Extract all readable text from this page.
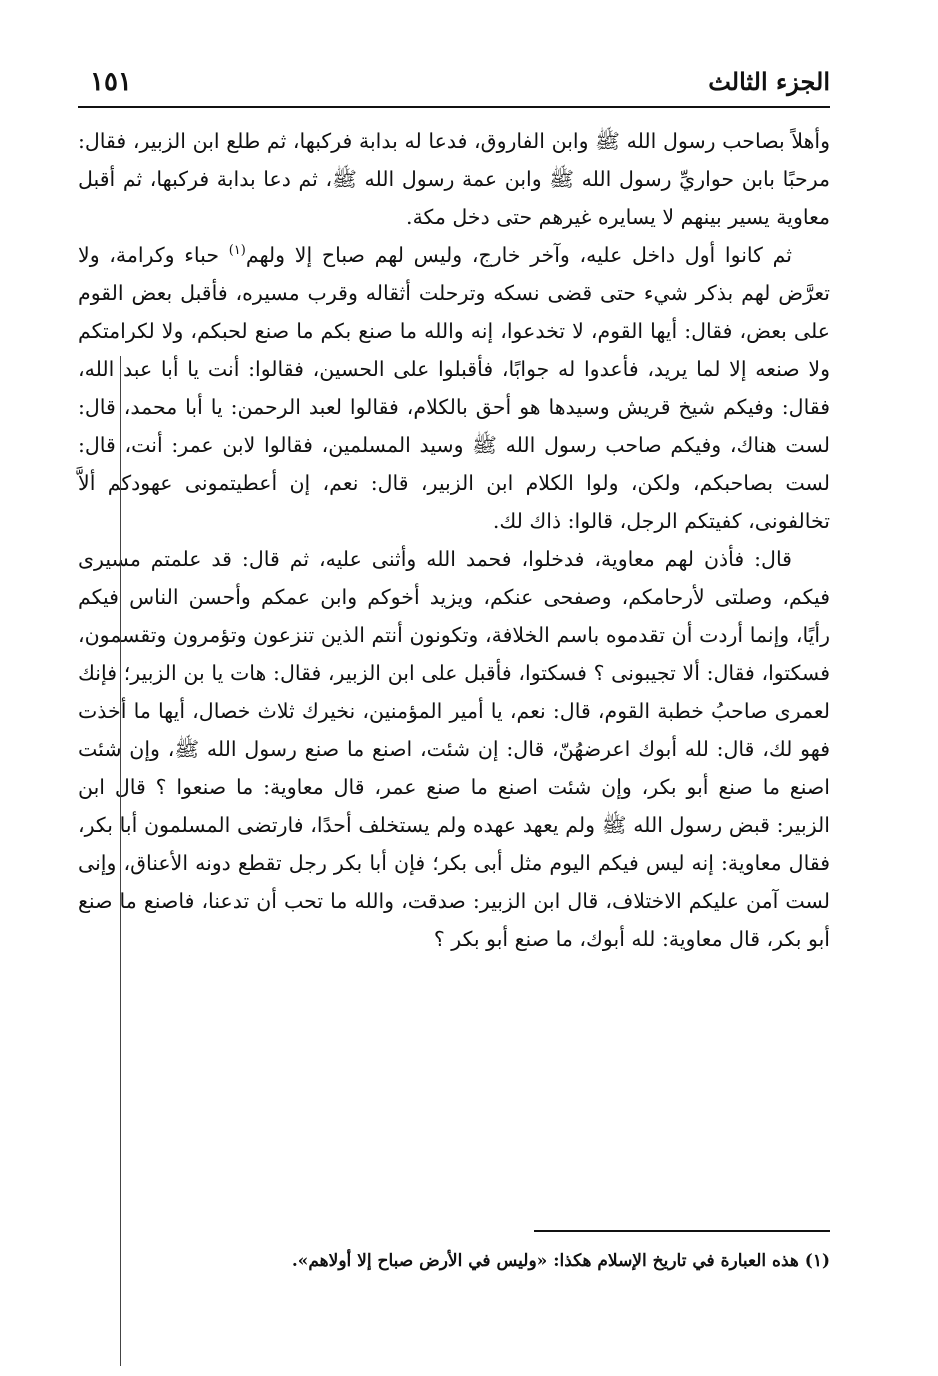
الجزء الثالث
١٥١

وأهلاً بصاحب رسول الله ﷺ وابن الفاروق، فدعا له بدابة فركبها، ثم طلع ابن الزبير، فقال: مرحبًا بابن حواريِّ رسول الله ﷺ وابن عمة رسول الله ﷺ، ثم دعا بدابة فركبها، ثم أقبل معاوية يسير بينهم لا يسايره غيرهم حتى دخل مكة.

ثم كانوا أول داخل عليه، وآخر خارج، وليس لهم صباح إلا ولهم$^{(١)}$ حباء وكرامة، ولا تعرَّض لهم بذكر شيء حتى قضى نسكه وترحلت أثقاله وقرب مسيره، فأقبل بعض القوم على بعض، فقال: أيها القوم، لا تخدعوا، إنه والله ما صنع بكم ما صنع لحبكم، ولا لكرامتكم ولا صنعه إلا لما يريد، فأعدوا له جوابًا، فأقبلوا على الحسين، فقالوا: أنت يا أبا عبد الله، فقال: وفيكم شيخ قريش وسيدها هو أحق بالكلام، فقالوا لعبد الرحمن: يا أبا محمد، قال: لست هناك، وفيكم صاحب رسول الله ﷺ وسيد المسلمين، فقالوا لابن عمر: أنت، قال: لست بصاحبكم، ولكن، ولوا الكلام ابن الزبير، قال: نعم، إن أعطيتمونى عهودكم ألاَّ تخالفونى، كفيتكم الرجل، قالوا: ذاك لك.

قال: فأذن لهم معاوية، فدخلوا، فحمد الله وأثنى عليه، ثم قال: قد علمتم مسيرى فيكم، وصلتى لأرحامكم، وصفحى عنكم، ويزيد أخوكم وابن عمكم وأحسن الناس فيكم رأيًا، وإنما أردت أن تقدموه باسم الخلافة، وتكونون أنتم الذين تنزعون وتؤمرون وتقسمون، فسكتوا، فقال: ألا تجيبونى ؟ فسكتوا، فأقبل على ابن الزبير، فقال: هات يا بن الزبير؛ فإنك لعمرى صاحبُ خطبة القوم، قال: نعم، يا أمير المؤمنين، نخيرك ثلاث خصال، أيها ما أخذت فهو لك، قال: لله أبوك اعرضهُنّ، قال: إن شئت، اصنع ما صنع رسول الله ﷺ، وإن شئت اصنع ما صنع أبو بكر، وإن شئت اصنع ما صنع عمر، قال معاوية: ما صنعوا ؟ قال ابن الزبير: قبض رسول الله ﷺ ولم يعهد عهده ولم يستخلف أحدًا، فارتضى المسلمون أبا بكر، فقال معاوية: إنه ليس فيكم اليوم مثل أبى بكر؛ فإن أبا بكر رجل تقطع دونه الأعناق، وإنى لست آمن عليكم الاختلاف، قال ابن الزبير: صدقت، والله ما تحب أن تدعنا، فاصنع ما صنع أبو بكر، قال معاوية: لله أبوك، ما صنع أبو بكر ؟

(١) هذه العبارة في تاريخ الإسلام هكذا: «وليس في الأرض صباح إلا أولاهم».
